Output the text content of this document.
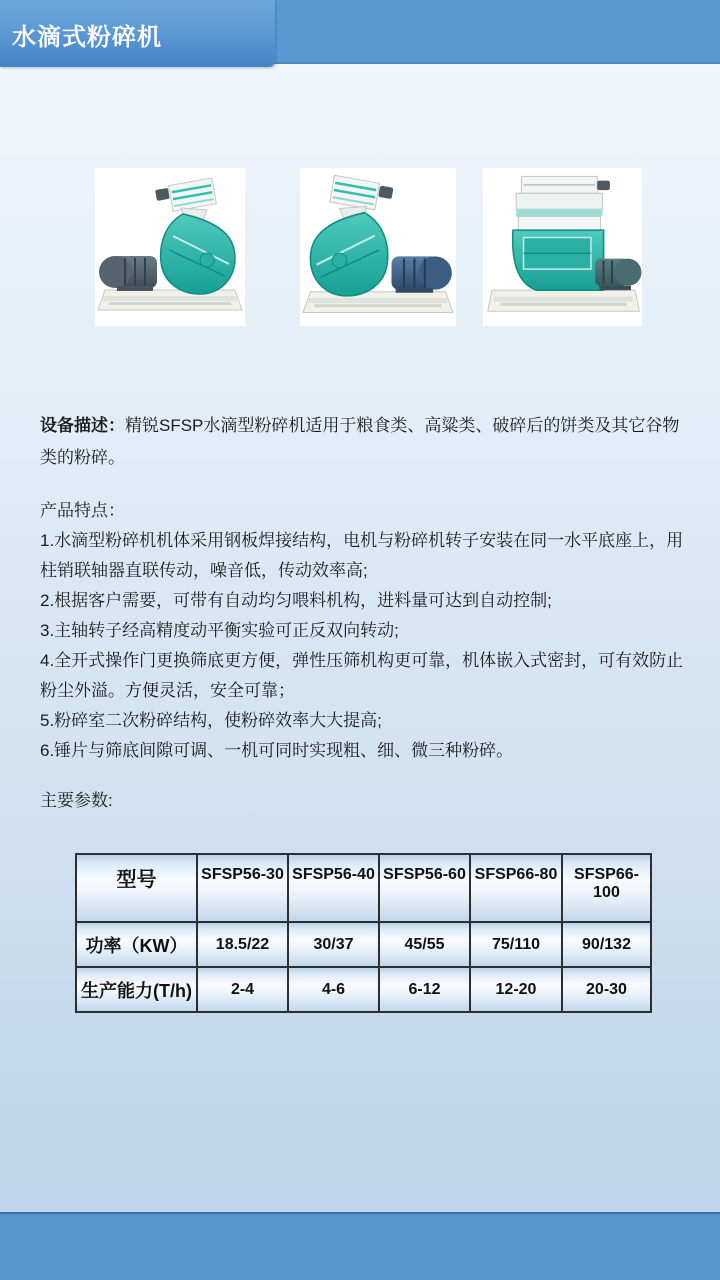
水滴式粉碎机
设备描述：精锐SFSP水滴型粉碎机适用于粮食类、高粱类、破碎后的饼类及其它谷物类的粉碎。

产品特点：

1.水滴型粉碎机机体采用钢板焊接结构，电机与粉碎机转子安装在同一水平底座上，用柱销联轴器直联传动，噪音低，传动效率高;

2.根据客户需要，可带有自动均匀喂料机构，进料量可达到自动控制;

3.主轴转子经高精度动平衡实验可正反双向转动;

4.全开式操作门更换筛底更方便，弹性压筛机构更可靠，机体嵌入式密封，可有效防止粉尘外溢。方便灵活，安全可靠；

5.粉碎室二次粉碎结构，使粉碎效率大大提高;

6.锤片与筛底间隙可调、一机可同时实现粗、细、微三种粉碎。

主要参数:
型号	SFSP56-30	SFSP56-40	SFSP56-60	SFSP66-80	SFSP66-100
功率（KW）	18.5/22	30/37	45/55	75/110	90/132
生产能力(T/h)	2-4	4-6	6-12	12-20	20-30
